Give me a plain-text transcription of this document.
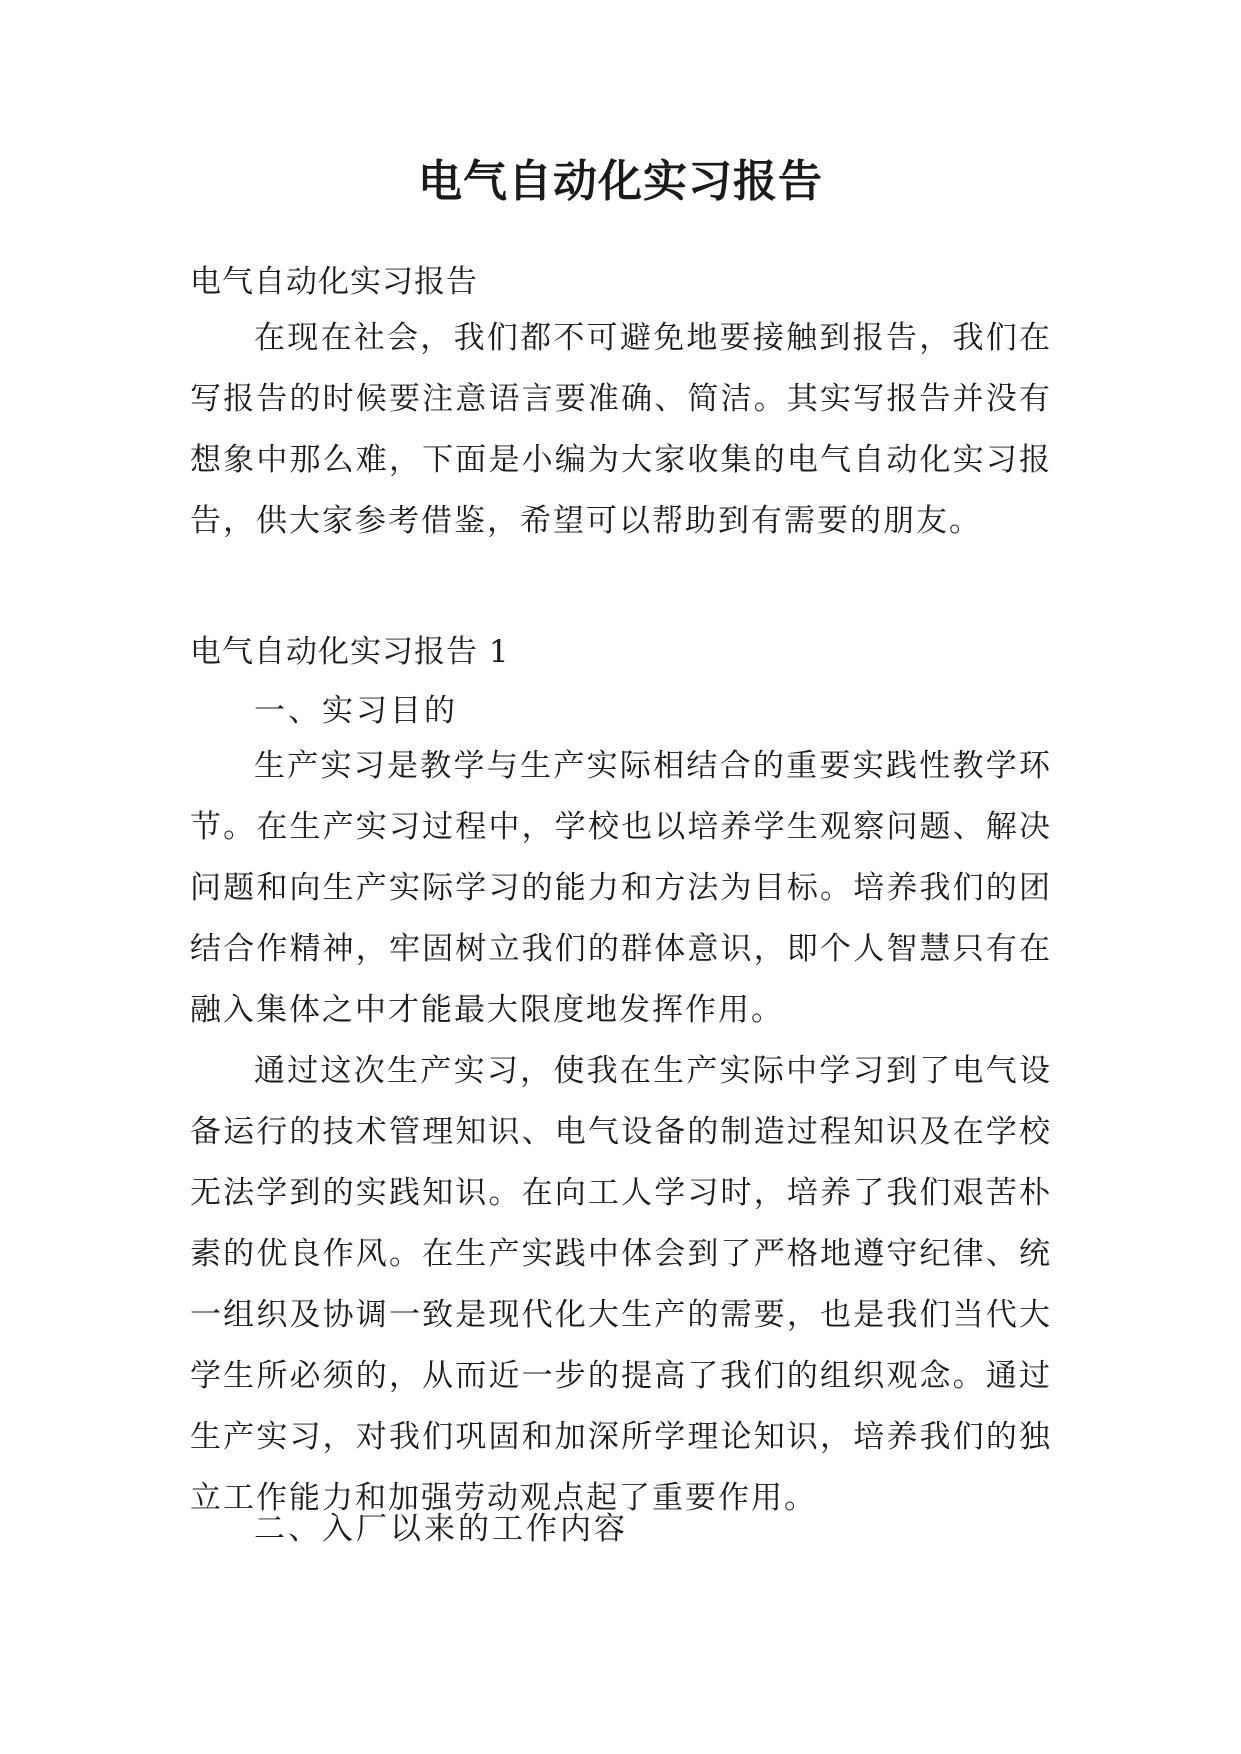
电气自动化实习报告

电气自动化实习报告

在现在社会，我们都不可避免地要接触到报告，我们在写报告的时候要注意语言要准确、简洁。其实写报告并没有想象中那么难，下面是小编为大家收集的电气自动化实习报告，供大家参考借鉴，希望可以帮助到有需要的朋友。

电气自动化实习报告 1

一、实习目的

生产实习是教学与生产实际相结合的重要实践性教学环节。在生产实习过程中，学校也以培养学生观察问题、解决问题和向生产实际学习的能力和方法为目标。培养我们的团结合作精神，牢固树立我们的群体意识，即个人智慧只有在融入集体之中才能最大限度地发挥作用。

通过这次生产实习，使我在生产实际中学习到了电气设备运行的技术管理知识、电气设备的制造过程知识及在学校无法学到的实践知识。在向工人学习时，培养了我们艰苦朴素的优良作风。在生产实践中体会到了严格地遵守纪律、统一组织及协调一致是现代化大生产的需要，也是我们当代大学生所必须的，从而近一步的提高了我们的组织观念。通过生产实习，对我们巩固和加深所学理论知识，培养我们的独立工作能力和加强劳动观点起了重要作用。

二、入厂以来的工作内容
